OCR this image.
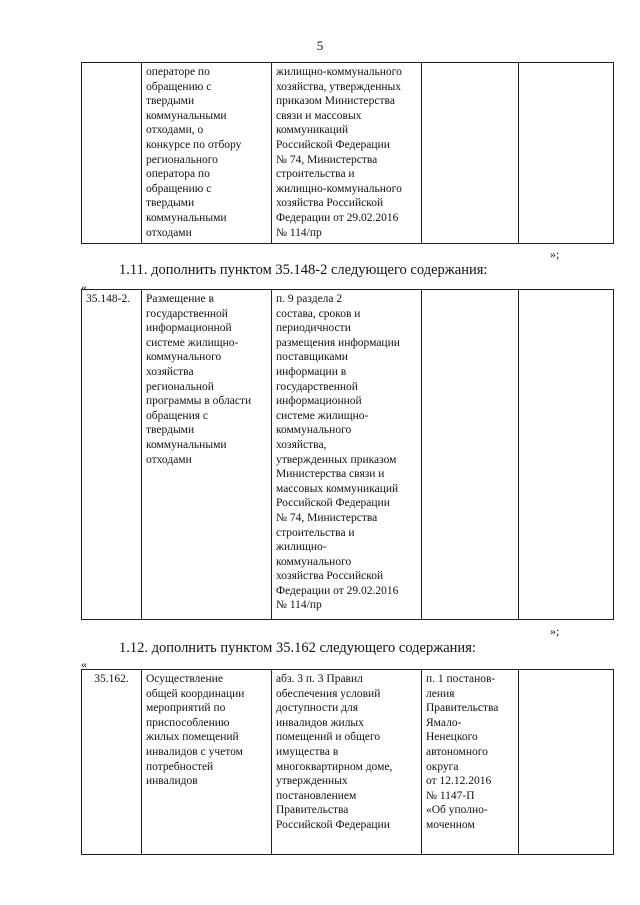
5
	операторе по
обращению с
твердыми
коммунальными
отходами, о
конкурсе по отбору
регионального
оператора по
обращению с
твердыми
коммунальными
отходами	жилищно-коммунального
хозяйства, утвержденных
приказом Министерства
связи и массовых
коммуникаций
Российской Федерации
№ 74, Министерства
строительства и
жилищно-коммунального
хозяйства Российской
Федерации от 29.02.2016
№ 114/пр		
»;
1.11. дополнить пунктом 35.148-2 следующего содержания:
«
35.148-2.	Размещение в
государственной
информационной
системе жилищно-
коммунального
хозяйства
региональной
программы в области
обращения с
твердыми
коммунальными
отходами	п. 9 раздела 2
состава, сроков и
периодичности
размещения информации
поставщиками
информации в
государственной
информационной
системе жилищно-
коммунального
хозяйства,
утвержденных приказом
Министерства связи и
массовых коммуникаций
Российской Федерации
№ 74, Министерства
строительства и
жилищно-
коммунального
хозяйства Российской
Федерации от 29.02.2016
№ 114/пр		
»;
1.12. дополнить пунктом 35.162 следующего содержания:
«
35.162.	Осуществление
общей координации
мероприятий по
приспособлению
жилых помещений
инвалидов с учетом
потребностей
инвалидов	абз. 3 п. 3 Правил
обеспечения условий
доступности для
инвалидов жилых
помещений и общего
имущества в
многоквартирном доме,
утвержденных
постановлением
Правительства
Российской Федерации	п. 1 постанов-
ления
Правительства
Ямало-
Ненецкого
автономного
округа
от 12.12.2016
№ 1147-П
«Об уполно-
моченном	
